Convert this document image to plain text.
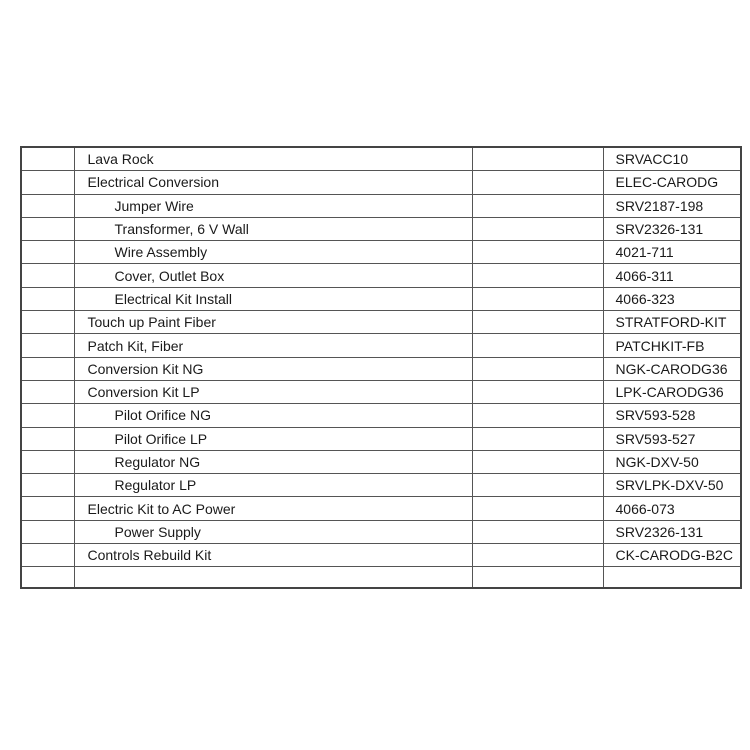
	Lava Rock		SRVACC10
	Electrical Conversion		ELEC-CARODG
	Jumper Wire		SRV2187-198
	Transformer, 6 V Wall		SRV2326-131
	Wire Assembly		4021-711
	Cover, Outlet Box		4066-311
	Electrical Kit Install		4066-323
	Touch up Paint Fiber		STRATFORD-KIT
	Patch Kit, Fiber		PATCHKIT-FB
	Conversion Kit NG		NGK-CARODG36
	Conversion Kit LP		LPK-CARODG36
	Pilot Orifice NG		SRV593-528
	Pilot Orifice LP		SRV593-527
	Regulator NG		NGK-DXV-50
	Regulator LP		SRVLPK-DXV-50
	Electric Kit to AC Power		4066-073
	Power Supply		SRV2326-131
	Controls Rebuild Kit		CK-CARODG-B2C
